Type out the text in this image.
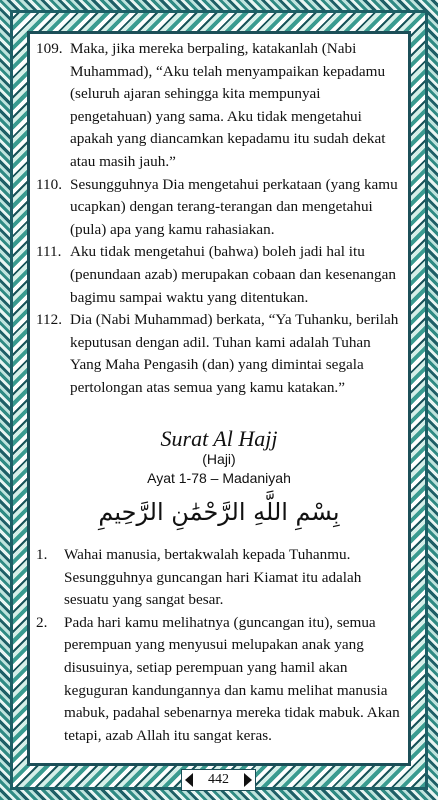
109. Maka, jika mereka berpaling, katakanlah (Nabi Muhammad), “Aku telah menyampaikan kepadamu (seluruh ajaran sehingga kita mempunyai pengetahuan) yang sama. Aku tidak mengetahui apakah yang diancamkan kepadamu itu sudah dekat atau masih jauh.”
110. Sesungguhnya Dia mengetahui perkataan (yang kamu ucapkan) dengan terang-terangan dan mengetahui (pula) apa yang kamu rahasiakan.
111. Aku tidak mengetahui (bahwa) boleh jadi hal itu (penundaan azab) merupakan cobaan dan kesenangan bagimu sampai waktu yang ditentukan.
112. Dia (Nabi Muhammad) berkata, “Ya Tuhanku, berilah keputusan dengan adil. Tuhan kami adalah Tuhan Yang Maha Pengasih (dan) yang dimintai segala pertolongan atas semua yang kamu katakan.”
Surat Al Hajj
(Haji)
Ayat 1-78 – Madaniyah
بِسْمِ اللَّهِ الرَّحْمَٰنِ الرَّحِيمِ
1.	Wahai manusia, bertakwalah kepada Tuhanmu. Sesungguhnya guncangan hari Kiamat itu adalah sesuatu yang sangat besar.
2.	Pada hari kamu melihatnya (guncangan itu), semua perempuan yang menyusui melupakan anak yang disusuinya, setiap perempuan yang hamil akan keguguran kandungannya dan kamu melihat manusia mabuk, padahal sebenarnya mereka tidak mabuk. Akan tetapi, azab Allah itu sangat keras.
442
